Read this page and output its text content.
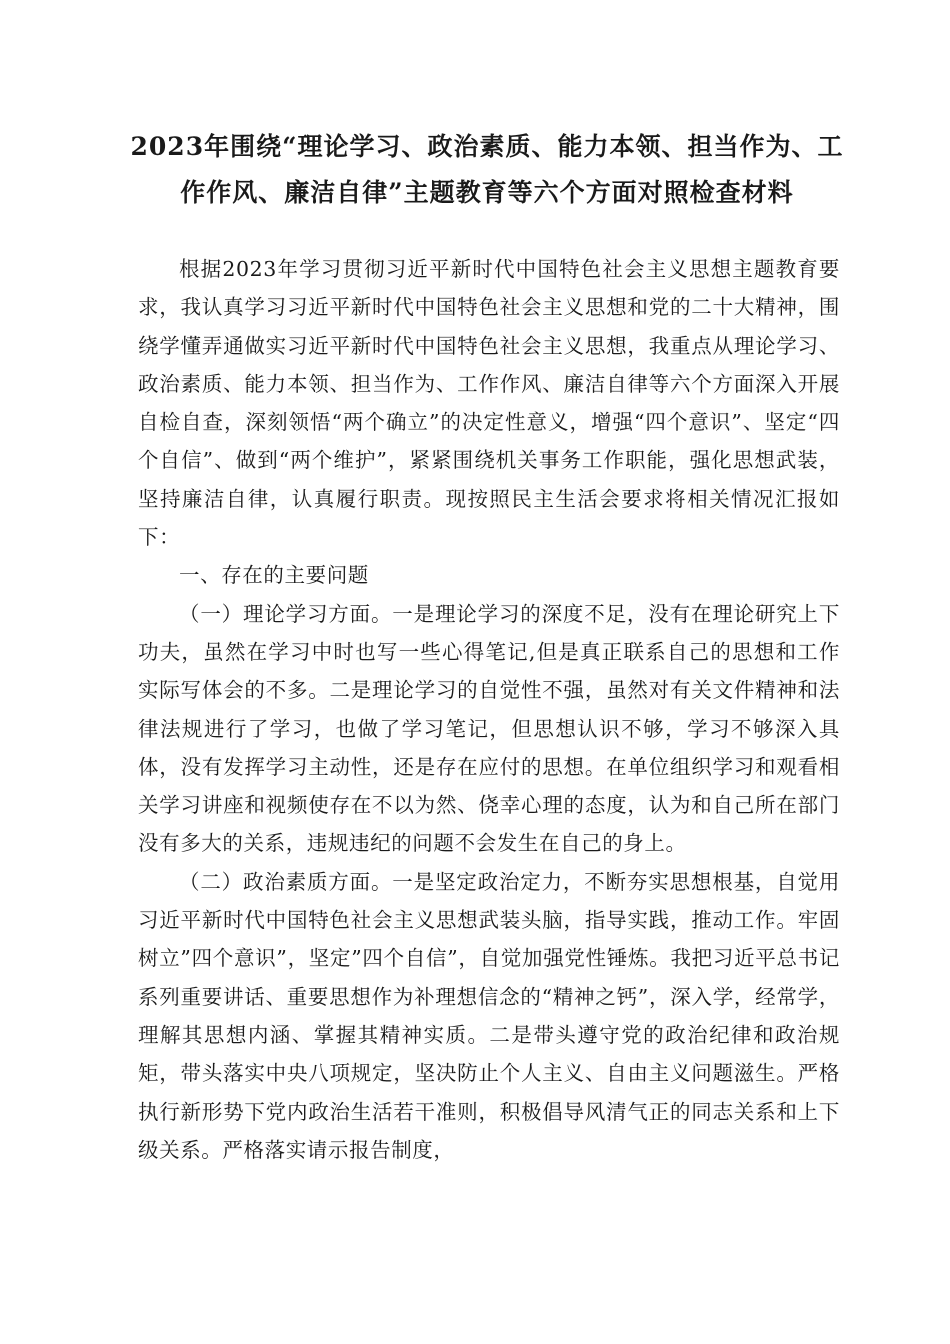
2023年围绕“理论学习、政治素质、能力本领、担当作为、工
作作风、廉洁自律”主题教育等六个方面对照检查材料

根据2023年学习贯彻习近平新时代中国特色社会主义思想主题教育要求，我认真学习习近平新时代中国特色社会主义思想和党的二十大精神，围绕学懂弄通做实习近平新时代中国特色社会主义思想，我重点从理论学习、政治素质、能力本领、担当作为、工作作风、廉洁自律等六个方面深入开展自检自查，深刻领悟“两个确立”的决定性意义，增强“四个意识”、坚定“四个自信”、做到“两个维护”，紧紧围绕机关事务工作职能，强化思想武装，坚持廉洁自律，认真履行职责。现按照民主生活会要求将相关情况汇报如下：

一、存在的主要问题

（一）理论学习方面。一是理论学习的深度不足，没有在理论研究上下功夫，虽然在学习中时也写一些心得笔记,但是真正联系自己的思想和工作实际写体会的不多。二是理论学习的自觉性不强，虽然对有关文件精神和法律法规进行了学习，也做了学习笔记，但思想认识不够，学习不够深入具体，没有发挥学习主动性，还是存在应付的思想。在单位组织学习和观看相关学习讲座和视频使存在不以为然、侥幸心理的态度，认为和自己所在部门没有多大的关系，违规违纪的问题不会发生在自己的身上。

（二）政治素质方面。一是坚定政治定力，不断夯实思想根基，自觉用习近平新时代中国特色社会主义思想武装头脑，指导实践，推动工作。牢固树立”四个意识”，坚定”四个自信”，自觉加强党性锤炼。我把习近平总书记系列重要讲话、重要思想作为补理想信念的“精神之钙”，深入学，经常学，理解其思想内涵、掌握其精神实质。二是带头遵守党的政治纪律和政治规矩，带头落实中央八项规定，坚决防止个人主义、自由主义问题滋生。严格执行新形势下党内政治生活若干准则，积极倡导风清气正的同志关系和上下级关系。严格落实请示报告制度，
